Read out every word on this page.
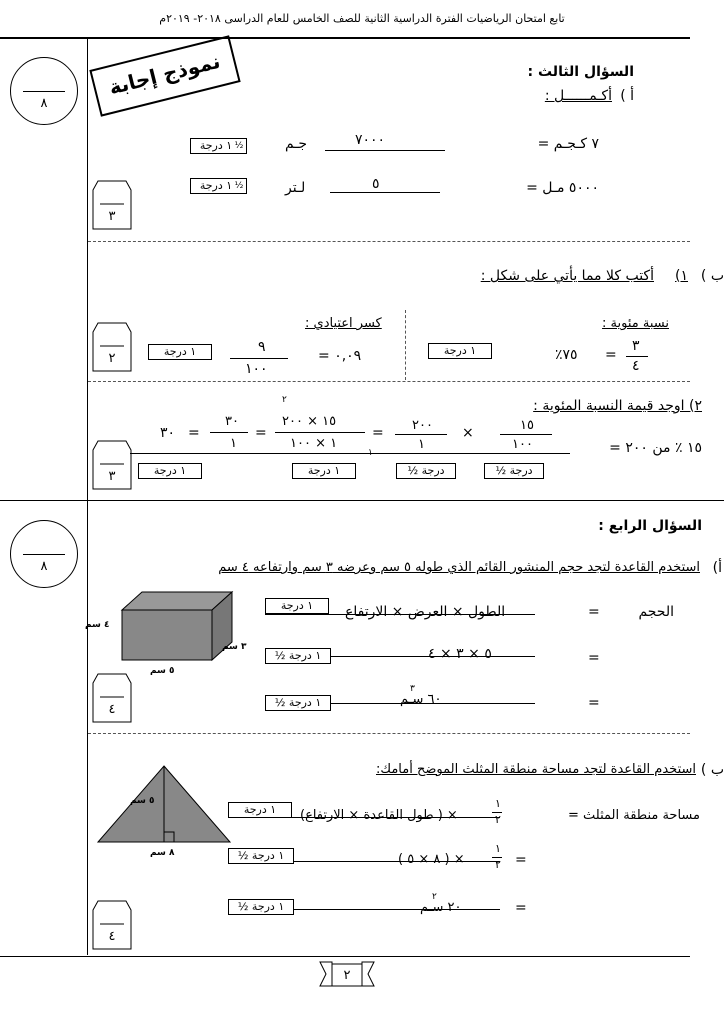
تابع امتحان الرياضيات الفترة الدراسية الثانية للصف الخامس للعام الدراسى ٢٠١٨- ٢٠١٩م
٨
نموذج إجابة	السؤال الثالث :
أ )
أكـمــــــل :
٧ كـجـم =
٧٠٠٠
جـم
١ درجة ½
٥٠٠٠ مـل =
٥
لـتر
١ درجة ½
٣
ب )
١)
أكتب كلا مما يأتي على شكل :
نسبة مئوية :
٣
٤
=
٧٥٪
١ درجة
كسر اعتيادي :
٠,٠٩ =
٩
١٠٠
١ درجة
٢
٢) اوجد قيمة النسبة المئوية :
١٥ ٪ من ٢٠٠ =
١٥
١٠٠
×
٢٠٠
١
=
٢
١٥ × ٢٠٠
١ × ١٠٠
١
=
٣٠
١
=
٣٠
١ درجة	١ درجة	درجة ½	درجة ½
٣
٨
السؤال الرابع :
أ)
استخدم القاعدة لتجد حجم المنشور القائم الذي طوله ٥ سم وعرضه ٣ سم وارتفاعه ٤ سم
٤ سم
٣ سم
٥ سم
الحجم
=
الطول × العرض × الارتفاع
١ درجة
=
٥ × ٣ × ٤
١ درجة ½
=
٦٠ سـم
٣
١ درجة ½
٤
ب )
استخدم القاعدة لتجد مساحة منطقة المثلث الموضح أمامك:
٥ سم
٨ سم
مساحة منطقة المثلث =
١
٢
× ( طول القاعدة × الارتفاع)
١ درجة
=
١
٢
× ( ٨ × ٥ )
١ درجة ½
=
٢٠ سـم
٢
١ درجة ½
٤
٢
